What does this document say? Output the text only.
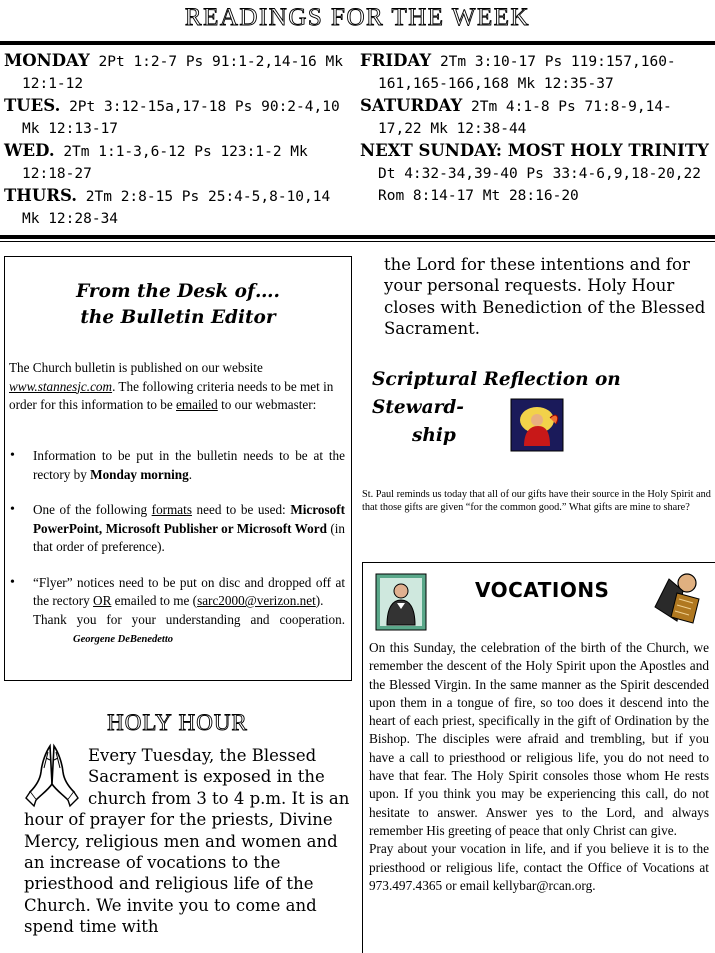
READINGS FOR THE WEEK
MONDAY 2Pt 1:2-7 Ps 91:1-2,14-16 Mk 12:1-12
TUES. 2Pt 3:12-15a,17-18 Ps 90:2-4,10 Mk 12:13-17
WED. 2Tm 1:1-3,6-12 Ps 123:1-2 Mk 12:18-27
THURS. 2Tm 2:8-15 Ps 25:4-5,8-10,14 Mk 12:28-34
FRIDAY 2Tm 3:10-17 Ps 119:157,160-161,165-166,168 Mk 12:35-37
SATURDAY 2Tm 4:1-8 Ps 71:8-9,14-17,22 Mk 12:38-44
NEXT SUNDAY: MOST HOLY TRINITY Dt 4:32-34,39-40 Ps 33:4-6,9,18-20,22 Rom 8:14-17 Mt 28:16-20
From the Desk of….
the Bulletin Editor
The Church bulletin is published on our website www.stannesjc.com. The following criteria needs to be met in order for this information to be emailed to our webmaster:
• Information to be put in the bulletin needs to be at the rectory by Monday morning.
• One of the following formats need to be used: Microsoft PowerPoint, Microsoft Publisher or Microsoft Word (in that order of preference).
• “Flyer” notices need to be put on disc and dropped off at the rectory OR emailed to me (sarc2000@verizon.net).
Thank you for your understanding and cooperation. Georgene DeBenedetto
HOLY HOUR
Every Tuesday, the Blessed Sacrament is exposed in the church from 3 to 4 p.m. It is an hour of prayer for the priests, Divine Mercy, religious men and women and an increase of vocations to the priesthood and religious life of the Church. We invite you to come and spend time with
the Lord for these intentions and for your personal requests. Holy Hour closes with Benediction of the Blessed Sacrament.
Scriptural Reflection on Steward-
ship
St. Paul reminds us today that all of our gifts have their source in the Holy Spirit and that those gifts are given “for the common good.” What gifts are mine to share?
VOCATIONS
On this Sunday, the celebration of the birth of the Church, we remember the descent of the Holy Spirit upon the Apostles and the Blessed Virgin. In the same manner as the Spirit descended upon them in a tongue of fire, so too does it descend into the heart of each priest, specifically in the gift of Ordination by the Bishop. The disciples were afraid and trembling, but if you have a call to priesthood or religious life, you do not need to have that fear. The Holy Spirit consoles those whom He rests upon. If you think you may be experiencing this call, do not hesitate to answer. Answer yes to the Lord, and always remember His greeting of peace that only Christ can give.
Pray about your vocation in life, and if you believe it is to the priesthood or religious life, contact the Office of Vocations at 973.497.4365 or email kellybar@rcan.org.
